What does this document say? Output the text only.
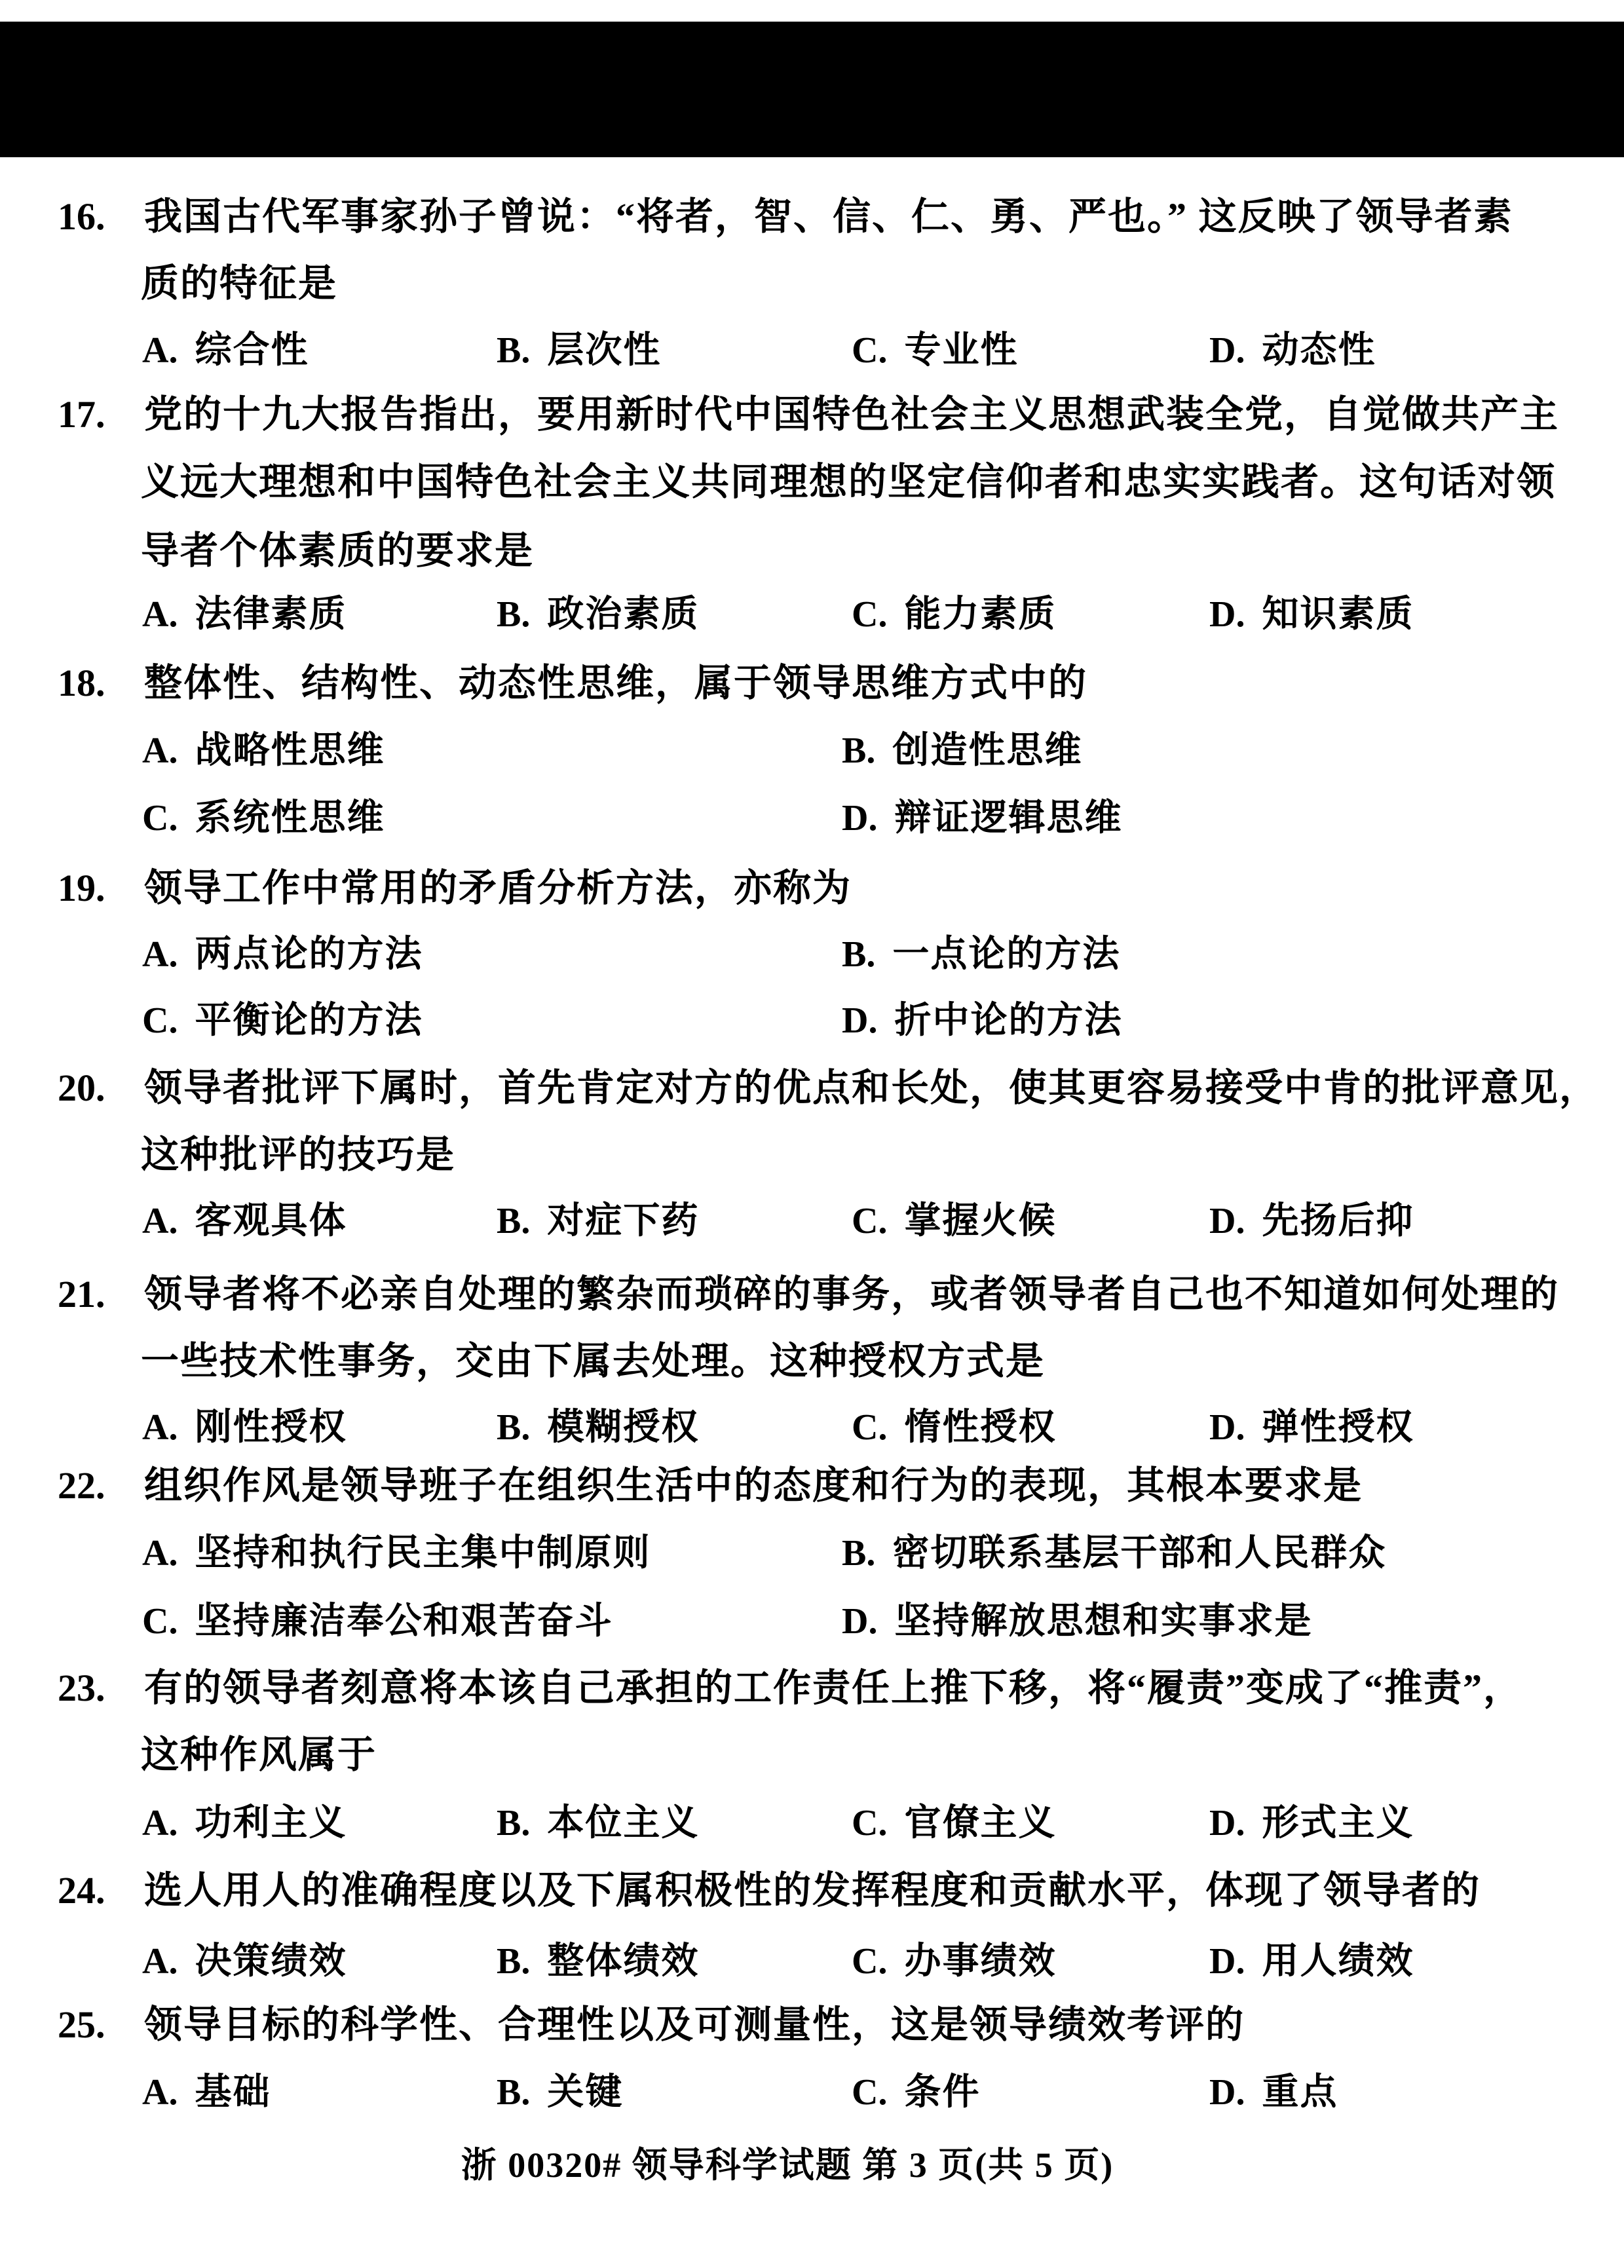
16. 我国古代军事家孙子曾说：“将者，智、信、仁、勇、严也。” 这反映了领导者素
质的特征是
A. 综合性	B. 层次性	C. 专业性	D. 动态性
17. 党的十九大报告指出，要用新时代中国特色社会主义思想武装全党，自觉做共产主
义远大理想和中国特色社会主义共同理想的坚定信仰者和忠实实践者。这句话对领
导者个体素质的要求是
A. 法律素质	B. 政治素质	C. 能力素质	D. 知识素质
18. 整体性、结构性、动态性思维，属于领导思维方式中的
A. 战略性思维	B. 创造性思维
C. 系统性思维	D. 辩证逻辑思维
19. 领导工作中常用的矛盾分析方法，亦称为
A. 两点论的方法	B. 一点论的方法
C. 平衡论的方法	D. 折中论的方法
20. 领导者批评下属时，首先肯定对方的优点和长处，使其更容易接受中肯的批评意见，
这种批评的技巧是
A. 客观具体	B. 对症下药	C. 掌握火候	D. 先扬后抑
21. 领导者将不必亲自处理的繁杂而琐碎的事务，或者领导者自己也不知道如何处理的
一些技术性事务，交由下属去处理。这种授权方式是
A. 刚性授权	B. 模糊授权	C. 惰性授权	D. 弹性授权
22. 组织作风是领导班子在组织生活中的态度和行为的表现，其根本要求是
A. 坚持和执行民主集中制原则	B. 密切联系基层干部和人民群众
C. 坚持廉洁奉公和艰苦奋斗	D. 坚持解放思想和实事求是
23. 有的领导者刻意将本该自己承担的工作责任上推下移，将“履责”变成了“推责”，
这种作风属于
A. 功利主义	B. 本位主义	C. 官僚主义	D. 形式主义
24. 选人用人的准确程度以及下属积极性的发挥程度和贡献水平，体现了领导者的
A. 决策绩效	B. 整体绩效	C. 办事绩效	D. 用人绩效
25. 领导目标的科学性、合理性以及可测量性，这是领导绩效考评的
A. 基础	B. 关键	C. 条件	D. 重点
浙 00320# 领导科学试题 第 3 页(共 5 页)
